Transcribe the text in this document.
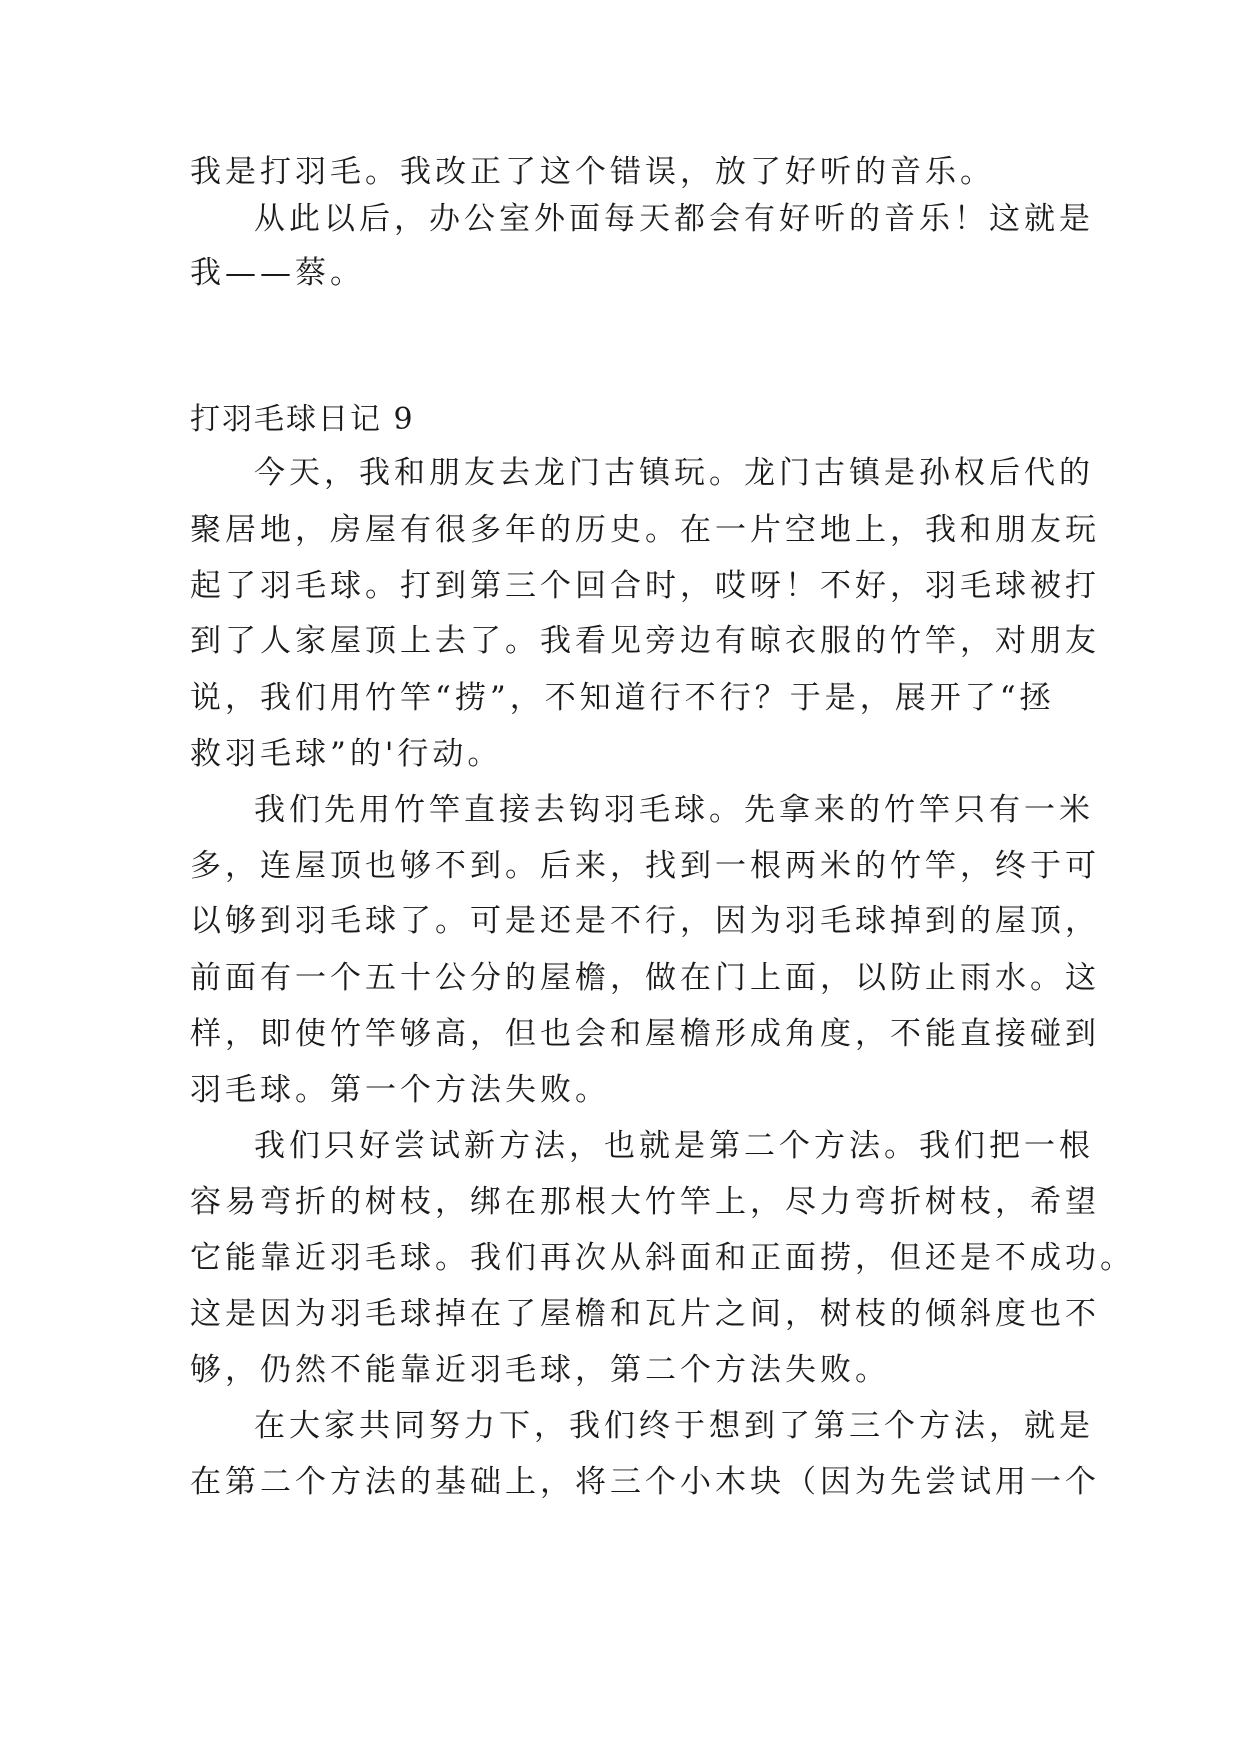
我是打羽毛。我改正了这个错误，放了好听的音乐。
从此以后，办公室外面每天都会有好听的音乐！这就是
我——蔡。
打羽毛球日记 9
今天，我和朋友去龙门古镇玩。龙门古镇是孙权后代的
聚居地，房屋有很多年的历史。在一片空地上，我和朋友玩
起了羽毛球。打到第三个回合时，哎呀！不好，羽毛球被打
到了人家屋顶上去了。我看见旁边有晾衣服的竹竿，对朋友
说，我们用竹竿“捞”，不知道行不行？于是，展开了“拯
救羽毛球”的'行动。
我们先用竹竿直接去钩羽毛球。先拿来的竹竿只有一米
多，连屋顶也够不到。后来，找到一根两米的竹竿，终于可
以够到羽毛球了。可是还是不行，因为羽毛球掉到的屋顶，
前面有一个五十公分的屋檐，做在门上面，以防止雨水。这
样，即使竹竿够高，但也会和屋檐形成角度，不能直接碰到
羽毛球。第一个方法失败。
我们只好尝试新方法，也就是第二个方法。我们把一根
容易弯折的树枝，绑在那根大竹竿上，尽力弯折树枝，希望
它能靠近羽毛球。我们再次从斜面和正面捞，但还是不成功。
这是因为羽毛球掉在了屋檐和瓦片之间，树枝的倾斜度也不
够，仍然不能靠近羽毛球，第二个方法失败。
在大家共同努力下，我们终于想到了第三个方法，就是
在第二个方法的基础上，将三个小木块（因为先尝试用一个
